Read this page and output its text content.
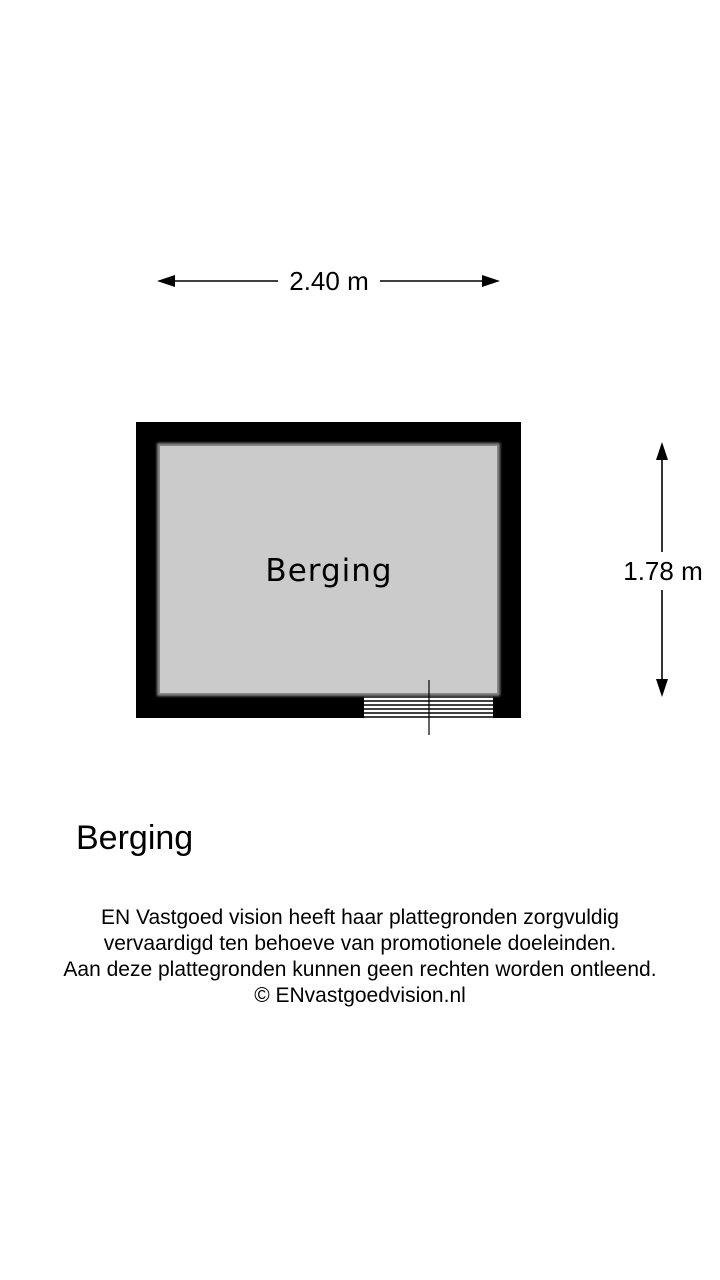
2.40 m
1.78 m
Berging
Berging
EN Vastgoed vision heeft haar plattegronden zorgvuldig
vervaardigd ten behoeve van promotionele doeleinden.
Aan deze plattegronden kunnen geen rechten worden ontleend.
© ENvastgoedvision.nl
